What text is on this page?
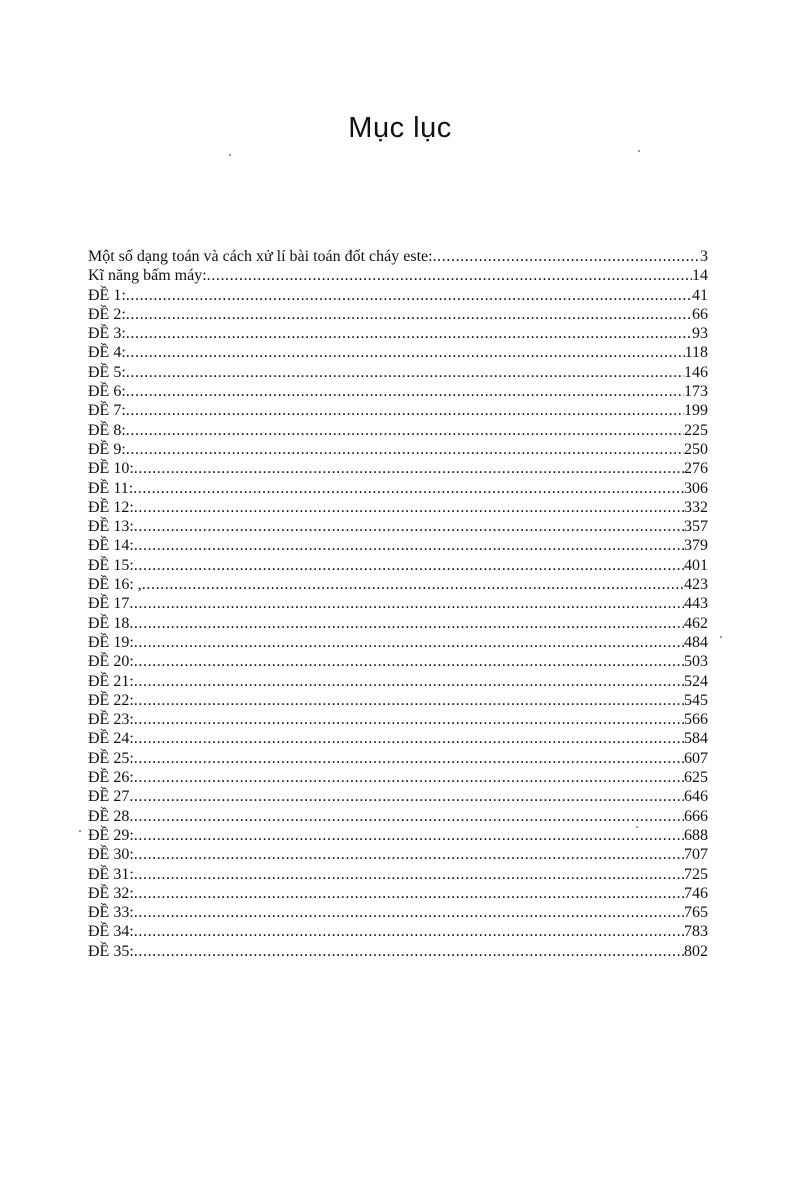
Mục lục
Một số dạng toán và cách xử lí bài toán đốt cháy este: .....	3
Kĩ năng bấm máy: .....	14
ĐỀ 1: .....	41
ĐỀ 2: .....	66
ĐỀ 3: .....	93
ĐỀ 4: .....	118
ĐỀ 5: .....	146
ĐỀ 6: .....	173
ĐỀ 7: .....	199
ĐỀ 8: .....	225
ĐỀ 9: .....	250
ĐỀ 10: .....	276
ĐỀ 11: .....	306
ĐỀ 12: .....	332
ĐỀ 13: .....	357
ĐỀ 14: .....	379
ĐỀ 15: .....	401
ĐỀ 16: , .....	423
ĐỀ 17 .....	443
ĐỀ 18 .....	462
ĐỀ 19: .....	484
ĐỀ 20: .....	503
ĐỀ 21: .....	524
ĐỀ 22: .....	545
ĐỀ 23: .....	566
ĐỀ 24: .....	584
ĐỀ 25: .....	607
ĐỀ 26: .....	625
ĐỀ 27 .....	646
ĐỀ 28 .....	666
ĐỀ 29: .....	688
ĐỀ 30: .....	707
ĐỀ 31: .....	725
ĐỀ 32: .....	746
ĐỀ 33: .....	765
ĐỀ 34: .....	783
ĐỀ 35: .....	802
